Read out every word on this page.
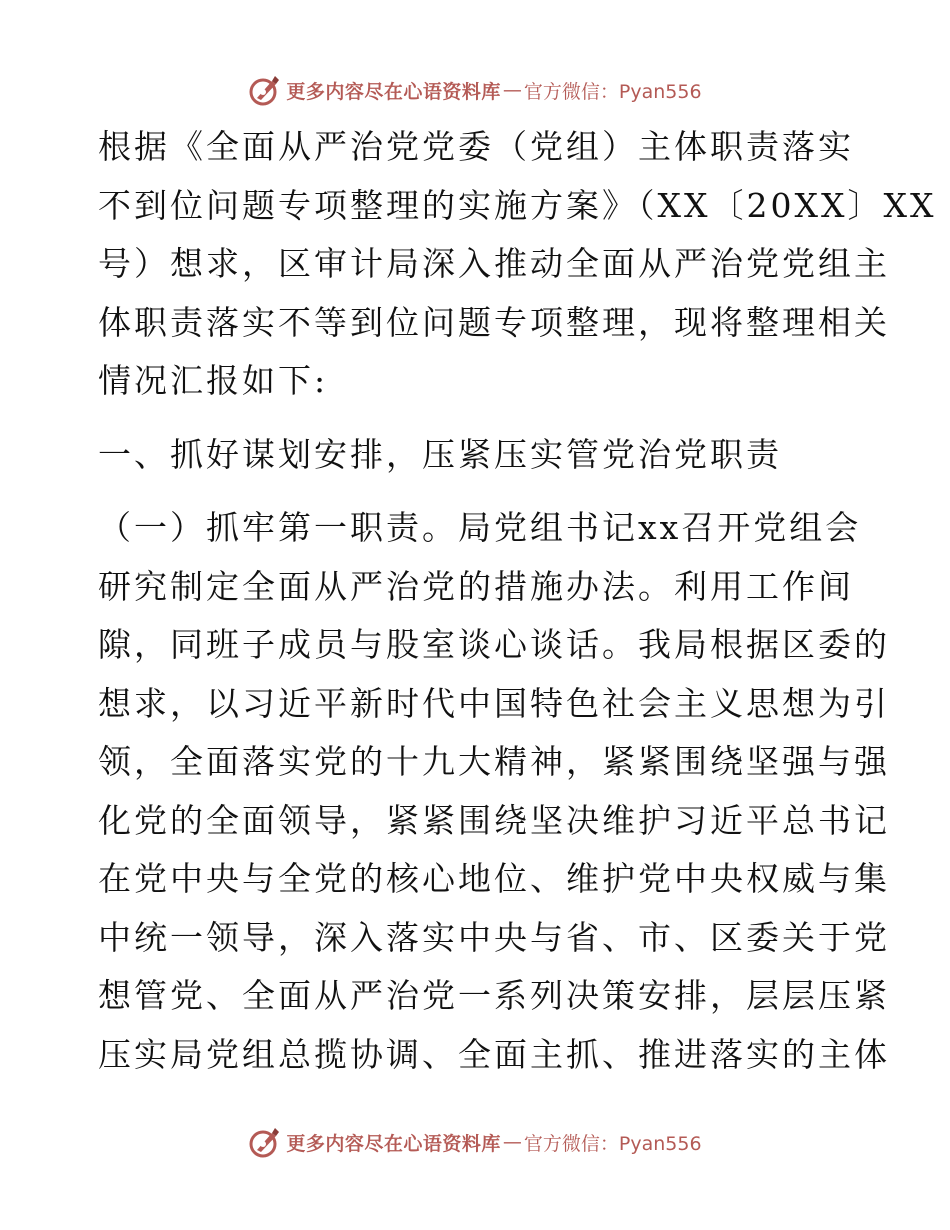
更多内容尽在心语资料库 — 官方微信：Pyan556

根据《全面从严治党党委（党组）主体职责落实

不到位问题专项整理的实施方案》（XX〔20XX〕XX

号）想求，区审计局深入推动全面从严治党党组主

体职责落实不等到位问题专项整理，现将整理相关

情况汇报如下:

一、抓好谋划安排，压紧压实管党治党职责

（一）抓牢第一职责。局党组书记xx召开党组会

研究制定全面从严治党的措施办法。利用工作间

隙，同班子成员与股室谈心谈话。我局根据区委的

想求，以习近平新时代中国特色社会主义思想为引

领，全面落实党的十九大精神，紧紧围绕坚强与强

化党的全面领导，紧紧围绕坚决维护习近平总书记

在党中央与全党的核心地位、维护党中央权威与集

中统一领导，深入落实中央与省、市、区委关于党

想管党、全面从严治党一系列决策安排，层层压紧

压实局党组总揽协调、全面主抓、推进落实的主体

更多内容尽在心语资料库 — 官方微信：Pyan556
